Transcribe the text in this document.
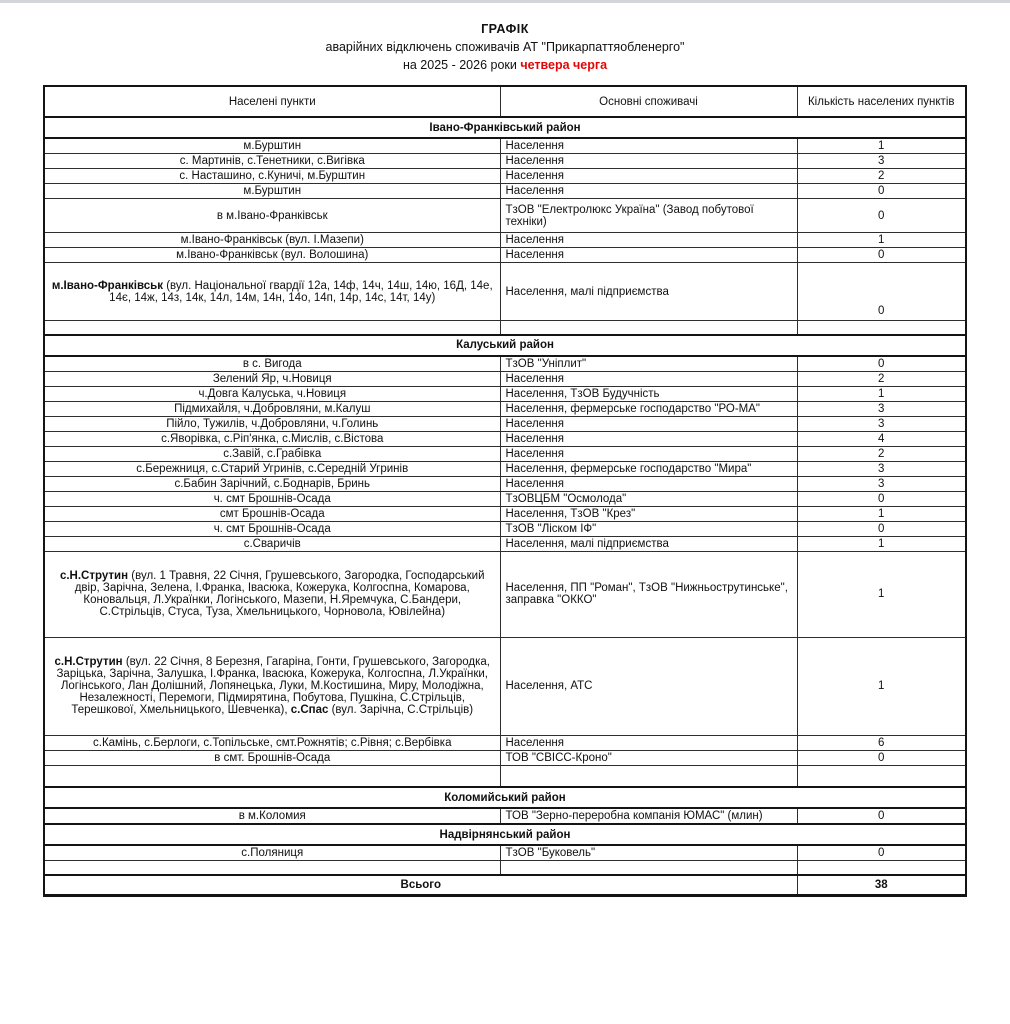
ГРАФІК
аварійних відключень споживачів АТ "Прикарпаттяобленерго"
на 2025 - 2026 роки четвера черга
Населені пункти	Основні споживачі	Кількість населених пунктів
Івано-Франківський район		
м.Бурштин	Населення	1
с. Мартинів, с.Тенетники, с.Вигівка	Населення	3
с. Насташино, с.Куничі, м.Бурштин	Населення	2
м.Бурштин	Населення	0
в м.Івано-Франківськ	ТзОВ "Електролюкс Україна" (Завод побутової техніки)	0
м.Івано-Франківськ (вул. І.Мазепи)	Населення	1
м.Івано-Франківськ (вул. Волошина)	Населення	0
м.Івано-Франківськ (вул. Національної гвардії 12а, 14ф, 14ч, 14ш, 14ю, 16Д, 14е, 14є, 14ж, 14з, 14к, 14л, 14м, 14н, 14о, 14п, 14р, 14с, 14т, 14у)	Населення, малі підприємства	0

Калуський район		
в с. Вигода	ТзОВ "Уніплит"	0
Зелений Яр, ч.Новиця	Населення	2
ч.Довга Калуська, ч.Новиця	Населення, ТзОВ Будучність	1
Підмихайля, ч.Добровляни, м.Калуш	Населення, фермерське господарство "РО-МА"	3
Пійло, Тужилів, ч.Добровляни, ч.Голинь	Населення	3
с.Яворівка, с.Ріп'янка, с.Мислів, с.Вістова	Населення	4
с.Завій, с.Грабівка	Населення	2
с.Бережниця, с.Старий Угринів, с.Середній Угринів	Населення, фермерське господарство "Мира"	3
с.Бабин Зарічний, с.Боднарів, Бринь	Населення	3
ч. смт Брошнів-Осада	ТзОВЦБМ "Осмолода"	0
смт Брошнів-Осада	Населення, ТзОВ "Крез"	1
ч. смт Брошнів-Осада	ТзОВ "Ліском ІФ"	0
с.Сваричів	Населення, малі підприємства	1
с.Н.Струтин (вул. 1 Травня, 22 Січня, Грушевського, Загородка, Господарський двір, Зарічна, Зелена, І.Франка, Івасюка, Кожерука, Колгоспна, Комарова, Коновальця, Л.Українки, Логінського, Мазепи, Н.Яремчука, С.Бандери, С.Стрільців, Стуса, Туза, Хмельницького, Чорновола, Ювілейна)	Населення, ПП "Роман", ТзОВ "Нижньострутинське", заправка "ОККО"	1
с.Н.Струтин (вул. 22 Січня, 8 Березня, Гагаріна, Гонти, Грушевського, Загородка, Заріцька, Зарічна, Залушка, І.Франка, Івасюка, Кожерука, Колгоспна, Л.Українки, Логінського, Лан Долішний, Лопянецька, Луки, М.Костишина, Миру, Молодіжна, Незалежності, Перемоги, Підмирятина, Побутова, Пушкіна, С.Стрільців, Терешкової, Хмельницького, Шевченка), с.Спас (вул. Зарічна, С.Стрільців)	Населення, АТС	1
с.Камінь, с.Берлоги, с.Топільське, смт.Рожнятів; с.Рівня; с.Вербівка	Населення	6
в смт. Брошнів-Осада	ТОВ "СВІСС-Кроно"	0

Коломийський район		
в м.Коломия	ТОВ "Зерно-переробна компанія ЮМАС" (млин)	0
Надвірнянський район		
с.Поляниця	ТзОВ "Буковель"	0

Всього		38
